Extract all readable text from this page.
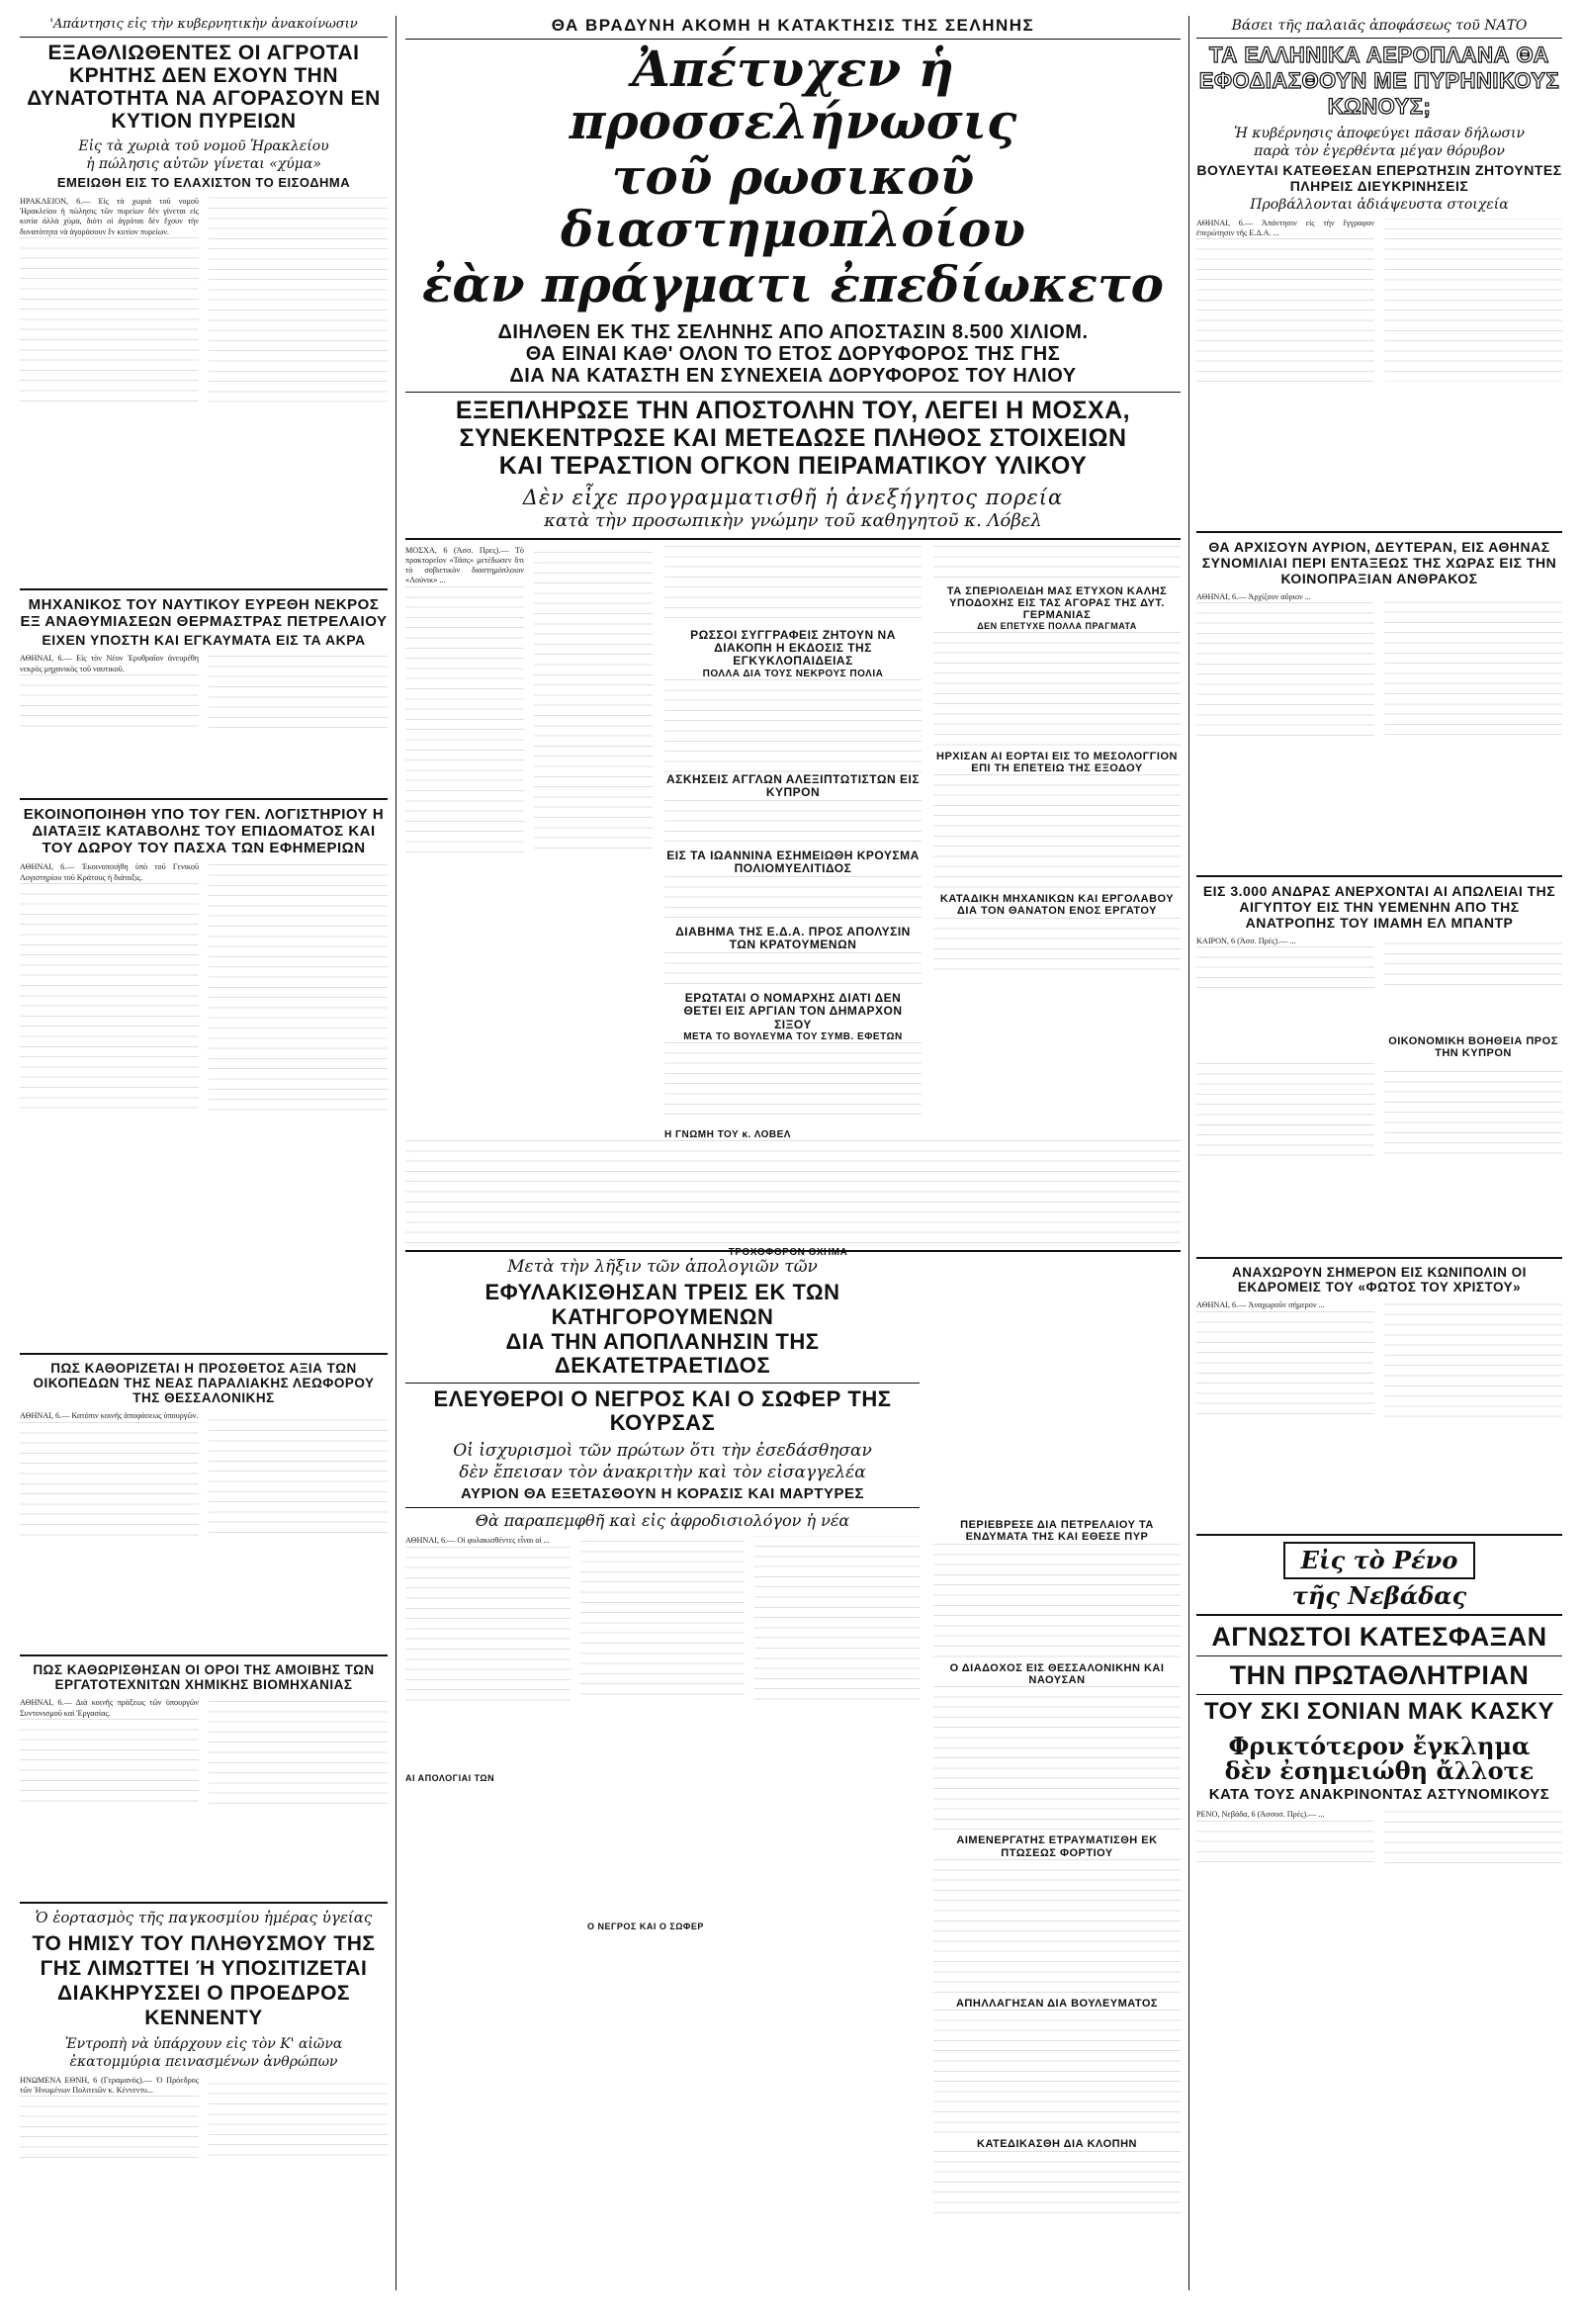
'Απάντησις εἰς τὴν κυβερνητικὴν ἀνακοίνωσιν
ΕΞΑΘΛΙΩΘΕΝΤΕΣ ΟΙ ΑΓΡΟΤΑΙ ΚΡΗΤΗΣ ΔΕΝ ΕΧΟΥΝ ΤΗΝ ΔΥΝΑΤΟΤΗΤΑ ΝΑ ΑΓΟΡΑΣΟΥΝ ΕΝ ΚΥΤΙΟΝ ΠΥΡΕΙΩΝ
Εἰς τὰ χωριὰ τοῦ νομοῦ Ἡρακλείου
ἡ πώλησις αὐτῶν γίνεται «χύμα»
ΕΜΕΙΩΘΗ ΕΙΣ ΤΟ ΕΛΑΧΙΣΤΟΝ ΤΟ ΕΙΣΟΔΗΜΑ
ΗΡΑΚΛΕΙΟΝ, 6.— Εἰς τὰ χωριὰ τοῦ νομοῦ Ἡρακλείου ἡ πώλησις τῶν πυρείων δὲν γίνεται εἰς κυτία ἀλλὰ χύμα, διότι οἱ ἀγρόται δὲν ἔχουν τὴν δυνατότητα νὰ ἀγοράσουν ἓν κυτίον πυρείων.
ΜΗΧΑΝΙΚΟΣ ΤΟΥ ΝΑΥΤΙΚΟΥ ΕΥΡΕΘΗ ΝΕΚΡΟΣ ΕΞ ΑΝΑΘΥΜΙΑΣΕΩΝ ΘΕΡΜΑΣΤΡΑΣ ΠΕΤΡΕΛΑΙΟΥ
ΕΙΧΕΝ ΥΠΟΣΤΗ ΚΑΙ ΕΓΚΑΥΜΑΤΑ ΕΙΣ ΤΑ ΑΚΡΑ
ΑΘΗΝΑΙ, 6.— Εἰς τὸν Νέον Ἐρυθραῖον ἀνευρέθη νεκρὸς μηχανικὸς τοῦ ναυτικοῦ.
ΕΚΟΙΝΟΠΟΙΗΘΗ ΥΠΟ ΤΟΥ ΓΕΝ. ΛΟΓΙΣΤΗΡΙΟΥ Η ΔΙΑΤΑΞΙΣ ΚΑΤΑΒΟΛΗΣ ΤΟΥ ΕΠΙΔΟΜΑΤΟΣ ΚΑΙ ΤΟΥ ΔΩΡΟΥ ΤΟΥ ΠΑΣΧΑ ΤΩΝ ΕΦΗΜΕΡΙΩΝ
ΑΘΗΝΑΙ, 6.— Ἐκοινοποιήθη ὑπὸ τοῦ Γενικοῦ Λογιστηρίου τοῦ Κράτους ἡ διάταξις.
ΠΩΣ ΚΑΘΟΡΙΖΕΤΑΙ Η ΠΡΟΣΘΕΤΟΣ ΑΞΙΑ ΤΩΝ ΟΙΚΟΠΕΔΩΝ ΤΗΣ ΝΕΑΣ ΠΑΡΑΛΙΑΚΗΣ ΛΕΩΦΟΡΟΥ ΤΗΣ ΘΕΣΣΑΛΟΝΙΚΗΣ
ΑΘΗΝΑΙ, 6.— Κατόπιν κοινῆς ἀποφάσεως ὑπουργῶν.
ΠΩΣ ΚΑΘΩΡΙΣΘΗΣΑΝ ΟΙ ΟΡΟΙ ΤΗΣ ΑΜΟΙΒΗΣ ΤΩΝ ΕΡΓΑΤΟΤΕΧΝΙΤΩΝ ΧΗΜΙΚΗΣ ΒΙΟΜΗΧΑΝΙΑΣ
ΑΘΗΝΑΙ, 6.— Διὰ κοινῆς πράξεως τῶν ὑπουργῶν Συντονισμοῦ καὶ Ἐργασίας.
Ὁ ἑορτασμὸς τῆς παγκοσμίου ἡμέρας ὑγείας
ΤΟ ΗΜΙΣΥ ΤΟΥ ΠΛΗΘΥΣΜΟΥ ΤΗΣ ΓΗΣ ΛΙΜΩΤΤΕΙ Ή ΥΠΟΣΙΤΙΖΕΤΑΙ ΔΙΑΚΗΡΥΣΣΕΙ Ο ΠΡΟΕΔΡΟΣ ΚΕΝΝΕΝΤΥ
Ἐντροπὴ νὰ ὑπάρχουν εἰς τὸν Κ' αἰῶνα
ἑκατομμύρια πεινασμένων ἀνθρώπων
ΗΝΩΜΕΝΑ ΕΘΝΗ, 6 (Γεραμανός).— Ὁ Πρόεδρος τῶν Ἡνωμένων Πολιτειῶν κ. Κέννεντυ...
ΘΑ ΒΡΑΔΥΝΗ ΑΚΟΜΗ Η ΚΑΤΑΚΤΗΣΙΣ ΤΗΣ ΣΕΛΗΝΗΣ
Ἀπέτυχεν ἡ προσσελήνωσις
τοῦ ρωσικοῦ διαστημοπλοίου
ἐὰν πράγματι ἐπεδίωκετο
ΔΙΗΛΘΕΝ ΕΚ ΤΗΣ ΣΕΛΗΝΗΣ ΑΠΟ ΑΠΟΣΤΑΣΙΝ 8.500 ΧΙΛΙΟΜ.
ΘΑ ΕΙΝΑΙ ΚΑΘ' ΟΛΟΝ ΤΟ ΕΤΟΣ ΔΟΡΥΦΟΡΟΣ ΤΗΣ ΓΗΣ
ΔΙΑ ΝΑ ΚΑΤΑΣΤΗ ΕΝ ΣΥΝΕΧΕΙΑ ΔΟΡΥΦΟΡΟΣ ΤΟΥ ΗΛΙΟΥ
ΕΞΕΠΛΗΡΩΣΕ ΤΗΝ ΑΠΟΣΤΟΛΗΝ ΤΟΥ, ΛΕΓΕΙ Η ΜΟΣΧΑ,
ΣΥΝΕΚΕΝΤΡΩΣΕ ΚΑΙ ΜΕΤΕΔΩΣΕ ΠΛΗΘΟΣ ΣΤΟΙΧΕΙΩΝ
ΚΑΙ ΤΕΡΑΣΤΙΟΝ ΟΓΚΟΝ ΠΕΙΡΑΜΑΤΙΚΟΥ ΥΛΙΚΟΥ
Δὲν εἶχε προγραμματισθῆ ἡ ἀνεξήγητος πορεία
κατὰ τὴν προσωπικὴν γνώμην τοῦ καθηγητοῦ κ. Λόβελ
ΜΟΣΧΑ, 6 (Ἀσσ. Πρες).— Τὸ πρακτορεῖον «Τάσς» μετέδωσεν ὅτι τὸ σοβιετικὸν διαστημόπλοιον «Λούνικ» ...
ΡΩΣΣΟΙ ΣΥΓΓΡΑΦΕΙΣ ΖΗΤΟΥΝ ΝΑ ΔΙΑΚΟΠΗ Η ΕΚΔΟΣΙΣ ΤΗΣ ΕΓΚΥΚΛΟΠΑΙΔΕΙΑΣ
ΠΟΛΛΑ ΔΙΑ ΤΟΥΣ ΝΕΚΡΟΥΣ ΠΟΛΙΑ
ΑΣΚΗΣΕΙΣ ΑΓΓΛΩΝ ΑΛΕΞΙΠΤΩΤΙΣΤΩΝ ΕΙΣ ΚΥΠΡΟΝ
ΕΙΣ ΤΑ ΙΩΑΝΝΙΝΑ ΕΣΗΜΕΙΩΘΗ ΚΡΟΥΣΜΑ ΠΟΛΙΟΜΥΕΛΙΤΙΔΟΣ
ΔΙΑΒΗΜΑ ΤΗΣ Ε.Δ.Α. ΠΡΟΣ ΑΠΟΛΥΣΙΝ ΤΩΝ ΚΡΑΤΟΥΜΕΝΩΝ
ΕΡΩΤΑΤΑΙ Ο ΝΟΜΑΡΧΗΣ ΔΙΑΤΙ ΔΕΝ ΘΕΤΕΙ ΕΙΣ ΑΡΓΙΑΝ ΤΟΝ ΔΗΜΑΡΧΟΝ ΣΙΞΟΥ
ΜΕΤΑ ΤΟ ΒΟΥΛΕΥΜΑ ΤΟΥ ΣΥΜΒ. ΕΦΕΤΩΝ
ΤΑ ΣΠΕΡΙΟΛΕΙΔΗ ΜΑΣ ΕΤΥΧΟΝ ΚΑΛΗΣ ΥΠΟΔΟΧΗΣ ΕΙΣ ΤΑΣ ΑΓΟΡΑΣ ΤΗΣ ΔΥΤ. ΓΕΡΜΑΝΙΑΣ
ΔΕΝ ΕΠΕΤΥΧΕ ΠΟΛΛΑ ΠΡΑΓΜΑΤΑ
ΗΡΧΙΣΑΝ ΑΙ ΕΟΡΤΑΙ ΕΙΣ ΤΟ ΜΕΣΟΛΟΓΓΙΟΝ ΕΠΙ ΤΗ ΕΠΕΤΕΙΩ ΤΗΣ ΕΞΟΔΟΥ
ΚΑΤΑΔΙΚΗ ΜΗΧΑΝΙΚΩΝ ΚΑΙ ΕΡΓΟΛΑΒΟΥ ΔΙΑ ΤΟΝ ΘΑΝΑΤΟΝ ΕΝΟΣ ΕΡΓΑΤΟΥ
Η ΓΝΩΜΗ ΤΟΥ κ. ΛΟΒΕΛ
Μετὰ τὴν λῆξιν τῶν ἀπολογιῶν τῶν
ΕΦΥΛΑΚΙΣΘΗΣΑΝ ΤΡΕΙΣ ΕΚ ΤΩΝ ΚΑΤΗΓΟΡΟΥΜΕΝΩΝ
ΔΙΑ ΤΗΝ ΑΠΟΠΛΑΝΗΣΙΝ ΤΗΣ ΔΕΚΑΤΕΤΡΑΕΤΙΔΟΣ
ΕΛΕΥΘΕΡΟΙ Ο ΝΕΓΡΟΣ ΚΑΙ Ο ΣΩΦΕΡ ΤΗΣ ΚΟΥΡΣΑΣ
Οἱ ἰσχυρισμοὶ τῶν πρώτων ὅτι τὴν ἐσεδάσθησαν
δὲν ἔπεισαν τὸν ἀνακριτὴν καὶ τὸν εἰσαγγελέα
ΑΥΡΙΟΝ ΘΑ ΕΞΕΤΑΣΘΟΥΝ Η ΚΟΡΑΣΙΣ ΚΑΙ ΜΑΡΤΥΡΕΣ
Θὰ παραπεμφθῆ καὶ εἰς ἀφροδισιολόγον ἡ νέα
ΑΘΗΝΑΙ, 6.— Οἱ φυλακισθέντες εἶναι οἱ ...
ΑΙ ΑΠΟΛΟΓΙΑΙ ΤΩΝ
Ο ΝΕΓΡΟΣ ΚΑΙ Ο ΣΩΦΕΡ
ΠΕΡΙΕΒΡΕΣΕ ΔΙΑ ΠΕΤΡΕΛΑΙΟΥ ΤΑ ΕΝΔΥΜΑΤΑ ΤΗΣ ΚΑΙ ΕΘΕΣΕ ΠΥΡ
Ο ΔΙΑΔΟΧΟΣ ΕΙΣ ΘΕΣΣΑΛΟΝΙΚΗΝ ΚΑΙ ΝΑΟΥΣΑΝ
ΑΙΜΕΝΕΡΓΑΤΗΣ ΕΤΡΑΥΜΑΤΙΣΘΗ ΕΚ ΠΤΩΣΕΩΣ ΦΟΡΤΙΟΥ
ΑΠΗΛΛΑΓΗΣΑΝ ΔΙΑ ΒΟΥΛΕΥΜΑΤΟΣ
ΚΑΤΕΔΙΚΑΣΘΗ ΔΙΑ ΚΛΟΠΗΝ
ΤΡΟΧΟΦΟΡΟΝ ΟΧΗΜΑ
Βάσει τῆς παλαιᾶς ἀποφάσεως τοῦ ΝΑΤΟ
ΤΑ ΕΛΛΗΝΙΚΑ ΑΕΡΟΠΛΑΝΑ ΘΑ ΕΦΟΔΙΑΣΘΟΥΝ ΜΕ ΠΥΡΗΝΙΚΟΥΣ ΚΩΝΟΥΣ;
Ἡ κυβέρνησις ἀποφεύγει πᾶσαν δήλωσιν
παρὰ τὸν ἐγερθέντα μέγαν θόρυβον
ΒΟΥΛΕΥΤΑΙ ΚΑΤΕΘΕΣΑΝ ΕΠΕΡΩΤΗΣΙΝ ΖΗΤΟΥΝΤΕΣ ΠΛΗΡΕΙΣ ΔΙΕΥΚΡΙΝΗΣΕΙΣ
Προβάλλονται ἀδιάψευστα στοιχεία
ΑΘΗΝΑΙ, 6.— Ἀπάντησιν εἰς τὴν ἔγγραφον ἐπερώτησιν τῆς Ε.Δ.Α. ...
ΘΑ ΑΡΧΙΣΟΥΝ ΑΥΡΙΟΝ, ΔΕΥΤΕΡΑΝ, ΕΙΣ ΑΘΗΝΑΣ ΣΥΝΟΜΙΛΙΑΙ ΠΕΡΙ ΕΝΤΑΞΕΩΣ ΤΗΣ ΧΩΡΑΣ ΕΙΣ ΤΗΝ ΚΟΙΝΟΠΡΑΞΙΑΝ ΑΝΘΡΑΚΟΣ
ΑΘΗΝΑΙ, 6.— Ἀρχίζουν αὔριον ...
ΕΙΣ 3.000 ΑΝΔΡΑΣ ΑΝΕΡΧΟΝΤΑΙ ΑΙ ΑΠΩΛΕΙΑΙ ΤΗΣ ΑΙΓΥΠΤΟΥ ΕΙΣ ΤΗΝ ΥΕΜΕΝΗΝ ΑΠΟ ΤΗΣ ΑΝΑΤΡΟΠΗΣ ΤΟΥ ΙΜΑΜΗ ΕΛ ΜΠΑΝΤΡ
ΚΑΙΡΟΝ, 6 (Ἀσσ. Πρές).— ...
ΟΙΚΟΝΟΜΙΚΗ ΒΟΗΘΕΙΑ ΠΡΟΣ ΤΗΝ ΚΥΠΡΟΝ
ΑΝΑΧΩΡΟΥΝ ΣΗΜΕΡΟΝ ΕΙΣ ΚΩΝΙΠΟΛΙΝ ΟΙ ΕΚΔΡΟΜΕΙΣ ΤΟΥ «ΦΩΤΟΣ ΤΟΥ ΧΡΙΣΤΟΥ»
ΑΘΗΝΑΙ, 6.— Ἀναχωροῦν σήμερον ...
Εἰς τὸ Ρένο
τῆς Νεβάδας
ΑΓΝΩΣΤΟΙ ΚΑΤΕΣΦΑΞΑΝ
ΤΗΝ ΠΡΩΤΑΘΛΗΤΡΙΑΝ
ΤΟΥ ΣΚΙ ΣΟΝΙΑΝ ΜΑΚ ΚΑΣΚΥ
Φρικτότερον ἔγκλημα
δὲν ἐσημειώθη ἄλλοτε
ΚΑΤΑ ΤΟΥΣ ΑΝΑΚΡΙΝΟΝΤΑΣ ΑΣΤΥΝΟΜΙΚΟΥΣ
ΡΕΝΟ, Νεβάδα, 6 (Ἀσσοσ. Πρές).— ...
